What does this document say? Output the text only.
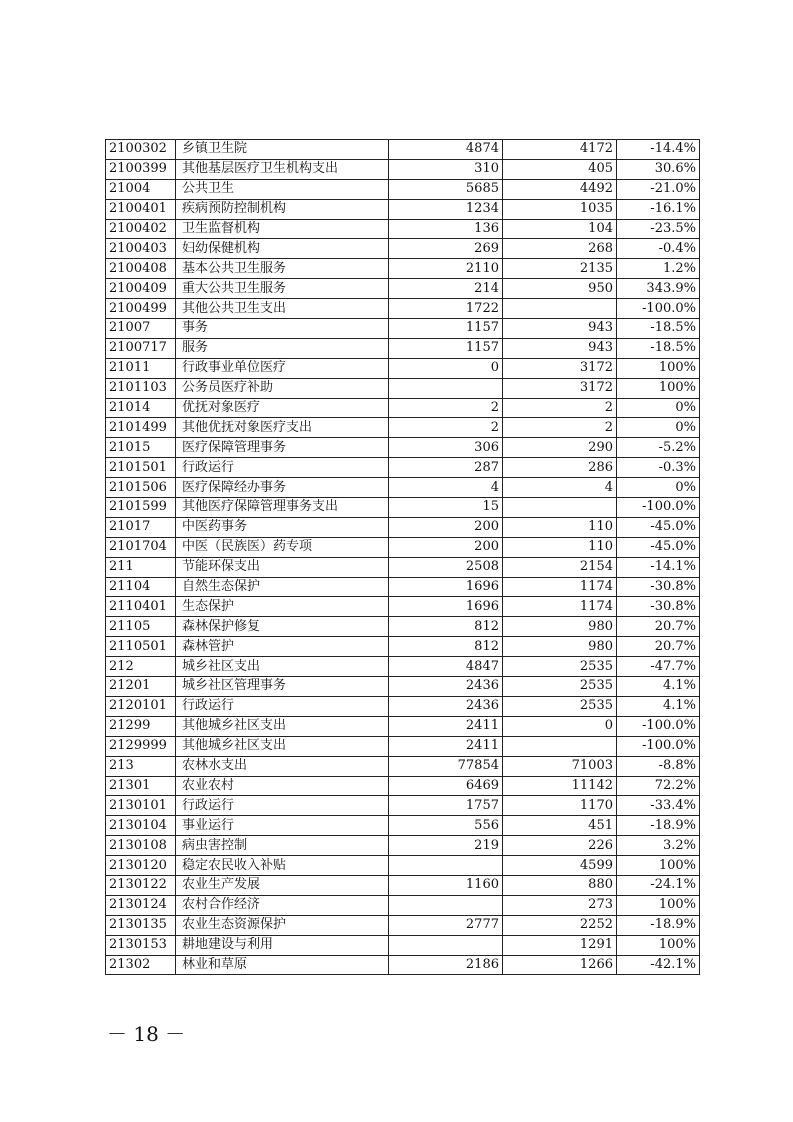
2100302	乡镇卫生院	4874	4172	-14.4%
2100399	其他基层医疗卫生机构支出	310	405	30.6%
21004	公共卫生	5685	4492	-21.0%
2100401	疾病预防控制机构	1234	1035	-16.1%
2100402	卫生监督机构	136	104	-23.5%
2100403	妇幼保健机构	269	268	-0.4%
2100408	基本公共卫生服务	2110	2135	1.2%
2100409	重大公共卫生服务	214	950	343.9%
2100499	其他公共卫生支出	1722		-100.0%
21007	事务	1157	943	-18.5%
2100717	服务	1157	943	-18.5%
21011	行政事业单位医疗	0	3172	100%
2101103	公务员医疗补助		3172	100%
21014	优抚对象医疗	2	2	0%
2101499	其他优抚对象医疗支出	2	2	0%
21015	医疗保障管理事务	306	290	-5.2%
2101501	行政运行	287	286	-0.3%
2101506	医疗保障经办事务	4	4	0%
2101599	其他医疗保障管理事务支出	15		-100.0%
21017	中医药事务	200	110	-45.0%
2101704	中医（民族医）药专项	200	110	-45.0%
211	节能环保支出	2508	2154	-14.1%
21104	自然生态保护	1696	1174	-30.8%
2110401	生态保护	1696	1174	-30.8%
21105	森林保护修复	812	980	20.7%
2110501	森林管护	812	980	20.7%
212	城乡社区支出	4847	2535	-47.7%
21201	城乡社区管理事务	2436	2535	4.1%
2120101	行政运行	2436	2535	4.1%
21299	其他城乡社区支出	2411	0	-100.0%
2129999	其他城乡社区支出	2411		-100.0%
213	农林水支出	77854	71003	-8.8%
21301	农业农村	6469	11142	72.2%
2130101	行政运行	1757	1170	-33.4%
2130104	事业运行	556	451	-18.9%
2130108	病虫害控制	219	226	3.2%
2130120	稳定农民收入补贴		4599	100%
2130122	农业生产发展	1160	880	-24.1%
2130124	农村合作经济		273	100%
2130135	农业生态资源保护	2777	2252	-18.9%
2130153	耕地建设与利用		1291	100%
21302	林业和草原	2186	1266	-42.1%
－ 18 －
